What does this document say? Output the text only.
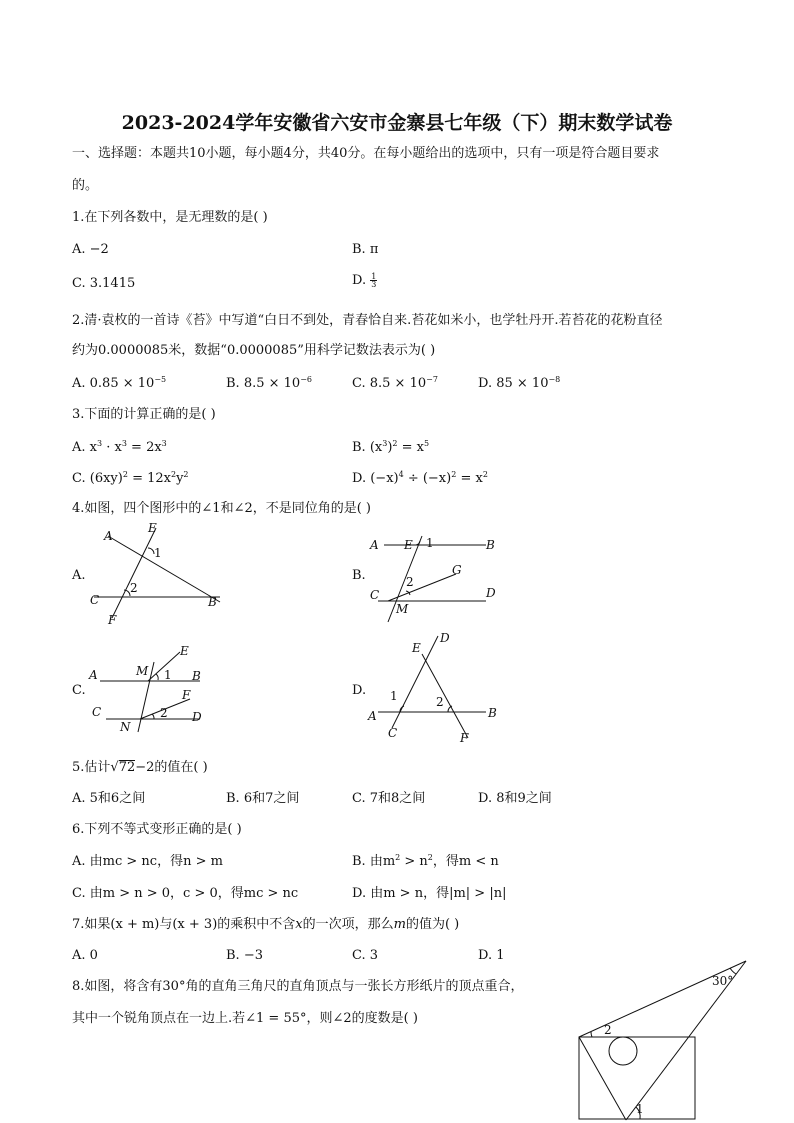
2023-2024学年安徽省六安市金寨县七年级（下）期末数学试卷
一、选择题：本题共10小题，每小题4分，共40分。在每小题给出的选项中，只有一项是符合题目要求
的。
1.在下列各数中，是无理数的是( )
A. −2	B. π
C. 3.1415	D. $\frac{1}{3}$
2.清·袁枚的一首诗《苔》中写道“白日不到处，青春恰自来.苔花如米小，也学牡丹开.若苔花的花粉直径
约为0.0000085米，数据“0.0000085”用科学记数法表示为( )
A. $0.85 \times 10^{-5}$	B. $8.5 \times 10^{-6}$	C. $8.5 \times 10^{-7}$	D. $85 \times 10^{-8}$
3.下面的计算正确的是( )
A. $x^3 \cdot x^3 = 2x^3$	B. $(x^3)^2 = x^5$
C. $(6xy)^2 = 12x^2y^2$	D. $(-x)^4 \div (-x)^2 = x^2$
4.如图，四个图形中的∠1和∠2，不是同位角的是( )
A.	B.
C.	D.
A
E
C	B
F
1
2
A E	B
G
C	D
M
1
2
A	M
E
B
F
C
N
D
1
2
D
E
A	B
C	F
1	2
5.估计√72−2的值在( )
A. 5和6之间	B. 6和7之间	C. 7和8之间	D. 8和9之间
6.下列不等式变形正确的是( )
A. 由mc > nc，得n > m	B. 由$m^2 > n^2$，得m < n
C. 由m > n > 0，c > 0，得mc > nc	D. 由m > n，得|m| > |n|
7.如果(x + m)与(x + 3)的乘积中不含x的一次项，那么m的值为( )
A. 0	B. −3	C. 3	D. 1
8.如图，将含有30°角的直角三角尺的直角顶点与一张长方形纸片的顶点重合，
其中一个锐角顶点在一边上.若∠1 = 55°，则∠2的度数是( )
30°
2
1
